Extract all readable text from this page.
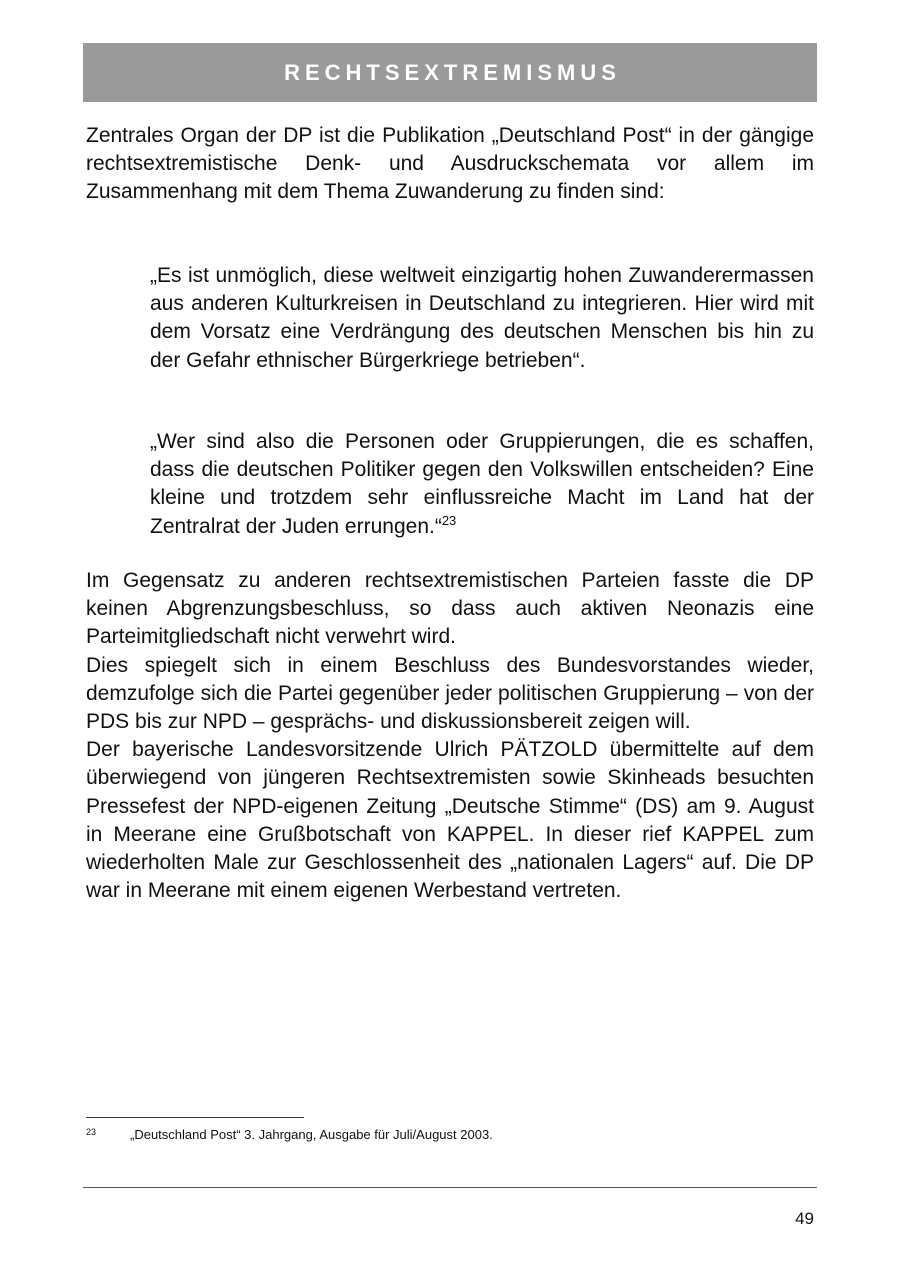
RECHTSEXTREMISMUS

Zentrales Organ der DP ist die Publikation „Deutschland Post“ in der gängige rechtsextremistische Denk- und Ausdruckschemata vor allem im Zusammenhang mit dem Thema Zuwanderung zu finden sind:

„Es ist unmöglich, diese weltweit einzigartig hohen Zuwanderermassen aus anderen Kulturkreisen in Deutschland zu integrieren. Hier wird mit dem Vorsatz eine Verdrängung des deutschen Menschen bis hin zu der Gefahr ethnischer Bürgerkriege betrieben“.

„Wer sind also die Personen oder Gruppierungen, die es schaffen, dass die deutschen Politiker gegen den Volkswillen entscheiden? Eine kleine und trotzdem sehr einflussreiche Macht im Land hat der Zentralrat der Juden errungen.“$^{23}$

Im Gegensatz zu anderen rechtsextremistischen Parteien fasste die DP keinen Abgrenzungsbeschluss, so dass auch aktiven Neonazis eine Parteimitgliedschaft nicht verwehrt wird.

Dies spiegelt sich in einem Beschluss des Bundesvorstandes wieder, demzufolge sich die Partei gegenüber jeder politischen Gruppierung – von der PDS bis zur NPD – gesprächs- und diskussionsbereit zeigen will.

Der bayerische Landesvorsitzende Ulrich PÄTZOLD übermittelte auf dem überwiegend von jüngeren Rechtsextremisten sowie Skinheads besuchten Pressefest der NPD-eigenen Zeitung „Deutsche Stimme“ (DS) am 9. August in Meerane eine Grußbotschaft von KAPPEL. In dieser rief KAPPEL zum wiederholten Male zur Geschlossenheit des „nationalen Lagers“ auf. Die DP war in Meerane mit einem eigenen Werbestand vertreten.

23	„Deutschland Post“ 3. Jahrgang, Ausgabe für Juli/August 2003.
49
